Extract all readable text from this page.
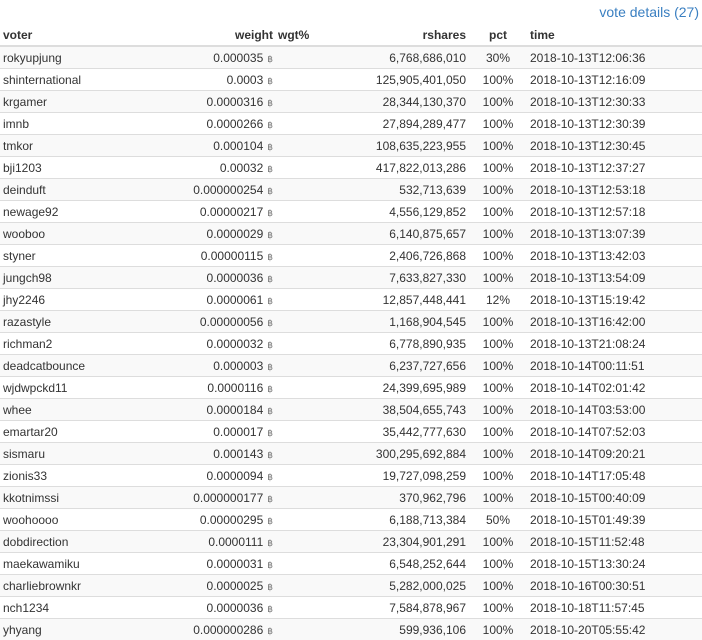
vote details (27)
voter	weight	wgt%	rshares	pct	time
rokyupjung	0.000035 ฿		6,768,686,010	30%	2018-10-13T12:06:36
shinternational	0.0003 ฿		125,905,401,050	100%	2018-10-13T12:16:09
krgamer	0.0000316 ฿		28,344,130,370	100%	2018-10-13T12:30:33
imnb	0.0000266 ฿		27,894,289,477	100%	2018-10-13T12:30:39
tmkor	0.000104 ฿		108,635,223,955	100%	2018-10-13T12:30:45
bji1203	0.00032 ฿		417,822,013,286	100%	2018-10-13T12:37:27
deinduft	0.000000254 ฿		532,713,639	100%	2018-10-13T12:53:18
newage92	0.00000217 ฿		4,556,129,852	100%	2018-10-13T12:57:18
wooboo	0.0000029 ฿		6,140,875,657	100%	2018-10-13T13:07:39
styner	0.00000115 ฿		2,406,726,868	100%	2018-10-13T13:42:03
jungch98	0.0000036 ฿		7,633,827,330	100%	2018-10-13T13:54:09
jhy2246	0.0000061 ฿		12,857,448,441	12%	2018-10-13T15:19:42
razastyle	0.00000056 ฿		1,168,904,545	100%	2018-10-13T16:42:00
richman2	0.0000032 ฿		6,778,890,935	100%	2018-10-13T21:08:24
deadcatbounce	0.000003 ฿		6,237,727,656	100%	2018-10-14T00:11:51
wjdwpckd11	0.0000116 ฿		24,399,695,989	100%	2018-10-14T02:01:42
whee	0.0000184 ฿		38,504,655,743	100%	2018-10-14T03:53:00
emartar20	0.000017 ฿		35,442,777,630	100%	2018-10-14T07:52:03
sismaru	0.000143 ฿		300,295,692,884	100%	2018-10-14T09:20:21
zionis33	0.0000094 ฿		19,727,098,259	100%	2018-10-14T17:05:48
kkotnimssi	0.000000177 ฿		370,962,796	100%	2018-10-15T00:40:09
woohoooo	0.00000295 ฿		6,188,713,384	50%	2018-10-15T01:49:39
dobdirection	0.0000111 ฿		23,304,901,291	100%	2018-10-15T11:52:48
maekawamiku	0.0000031 ฿		6,548,252,644	100%	2018-10-15T13:30:24
charliebrownkr	0.0000025 ฿		5,282,000,025	100%	2018-10-16T00:30:51
nch1234	0.0000036 ฿		7,584,878,967	100%	2018-10-18T11:57:45
yhyang	0.000000286 ฿		599,936,106	100%	2018-10-20T05:55:42
